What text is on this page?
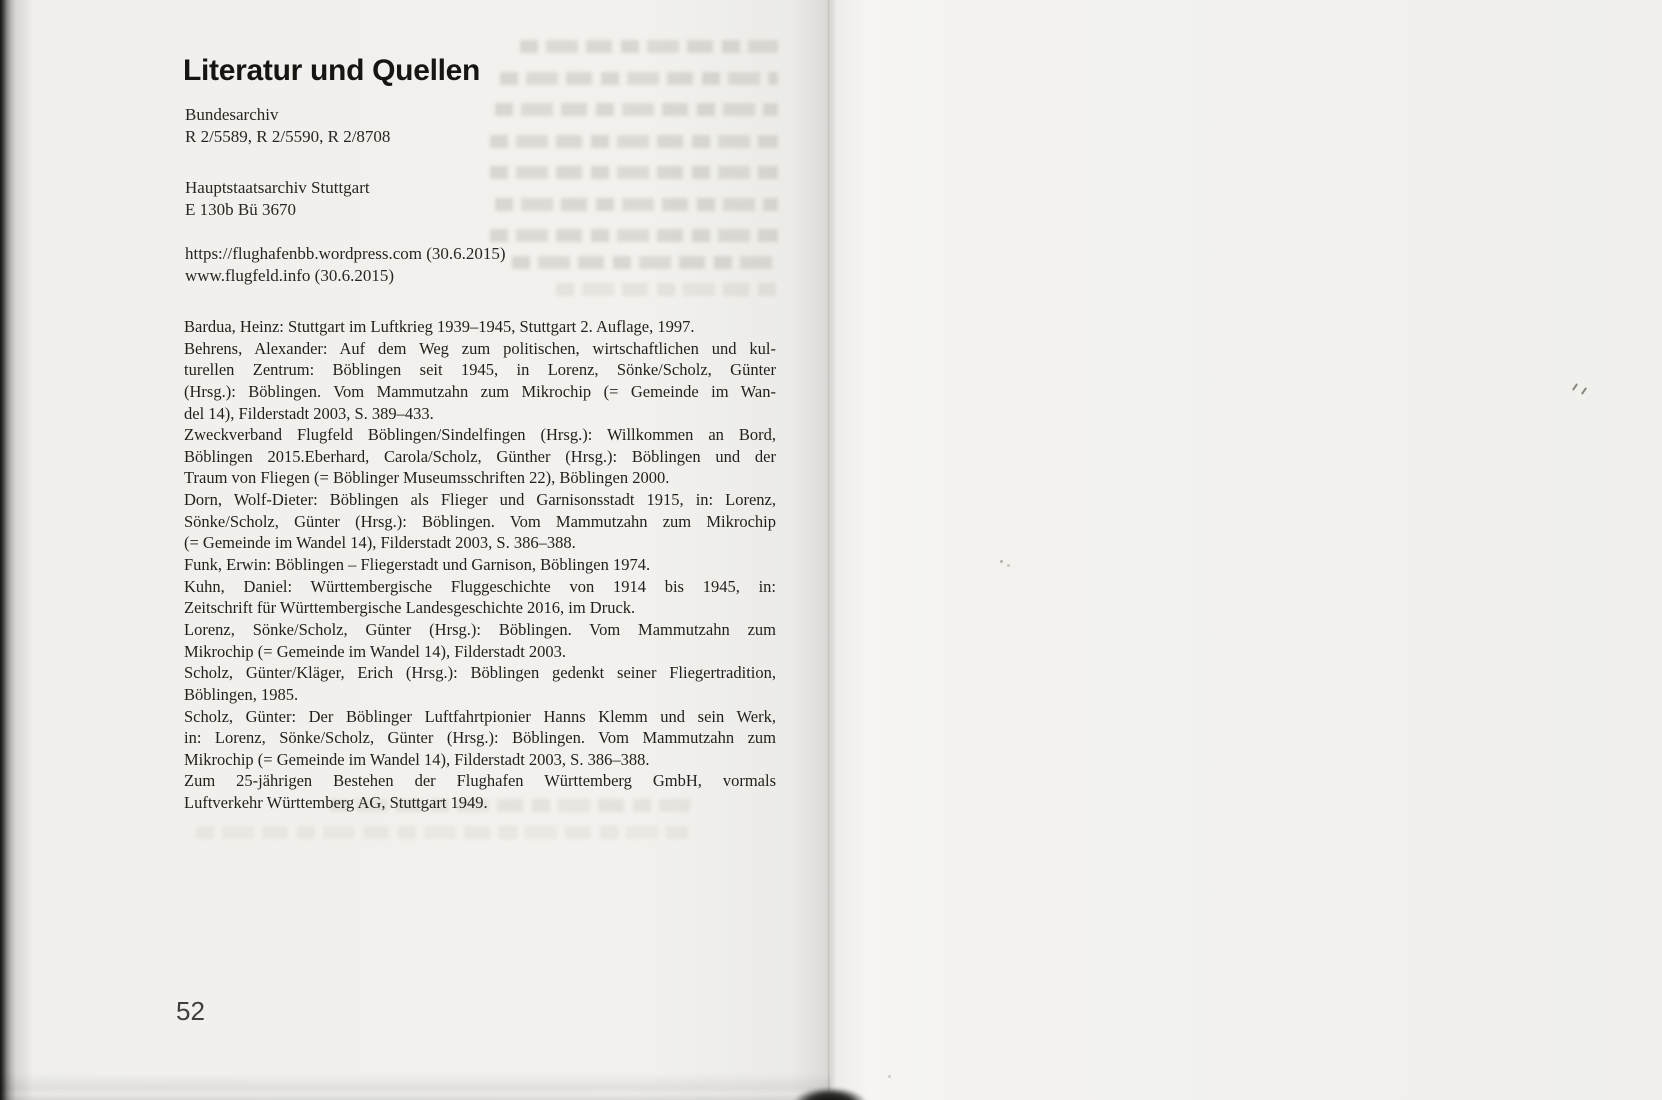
Literatur und Quellen
Bundesarchiv
R 2/5589, R 2/5590, R 2/8708
Hauptstaatsarchiv Stuttgart
E 130b Bü 3670
https://flughafenbb.wordpress.com (30.6.2015)
www.flugfeld.info (30.6.2015)
Bardua, Heinz: Stuttgart im Luftkrieg 1939–1945, Stuttgart 2. Auflage, 1997.
Behrens, Alexander: Auf dem Weg zum politischen, wirtschaftlichen und kul-
turellen Zentrum: Böblingen seit 1945, in Lorenz, Sönke/Scholz, Günter
(Hrsg.): Böblingen. Vom Mammutzahn zum Mikrochip (= Gemeinde im Wan-
del 14), Filderstadt 2003, S. 389–433.
Zweckverband Flugfeld Böblingen/Sindelfingen (Hrsg.): Willkommen an Bord,
Böblingen 2015.Eberhard, Carola/Scholz, Günther (Hrsg.): Böblingen und der
Traum von Fliegen (= Böblinger Museumsschriften 22), Böblingen 2000.
Dorn, Wolf-Dieter: Böblingen als Flieger und Garnisonsstadt 1915, in: Lorenz,
Sönke/Scholz, Günter (Hrsg.): Böblingen. Vom Mammutzahn zum Mikrochip
(= Gemeinde im Wandel 14), Filderstadt 2003, S. 386–388.
Funk, Erwin: Böblingen – Fliegerstadt und Garnison, Böblingen 1974.
Kuhn, Daniel: Württembergische Fluggeschichte von 1914 bis 1945, in:
Zeitschrift für Württembergische Landesgeschichte 2016, im Druck.
Lorenz, Sönke/Scholz, Günter (Hrsg.): Böblingen. Vom Mammutzahn zum
Mikrochip (= Gemeinde im Wandel 14), Filderstadt 2003.
Scholz, Günter/Kläger, Erich (Hrsg.): Böblingen gedenkt seiner Fliegertradition,
Böblingen, 1985.
Scholz, Günter: Der Böblinger Luftfahrtpionier Hanns Klemm und sein Werk,
in: Lorenz, Sönke/Scholz, Günter (Hrsg.): Böblingen. Vom Mammutzahn zum
Mikrochip (= Gemeinde im Wandel 14), Filderstadt 2003, S. 386–388.
Zum 25-jährigen Bestehen der Flughafen Württemberg GmbH, vormals
Luftverkehr Württemberg AG, Stuttgart 1949.
52
